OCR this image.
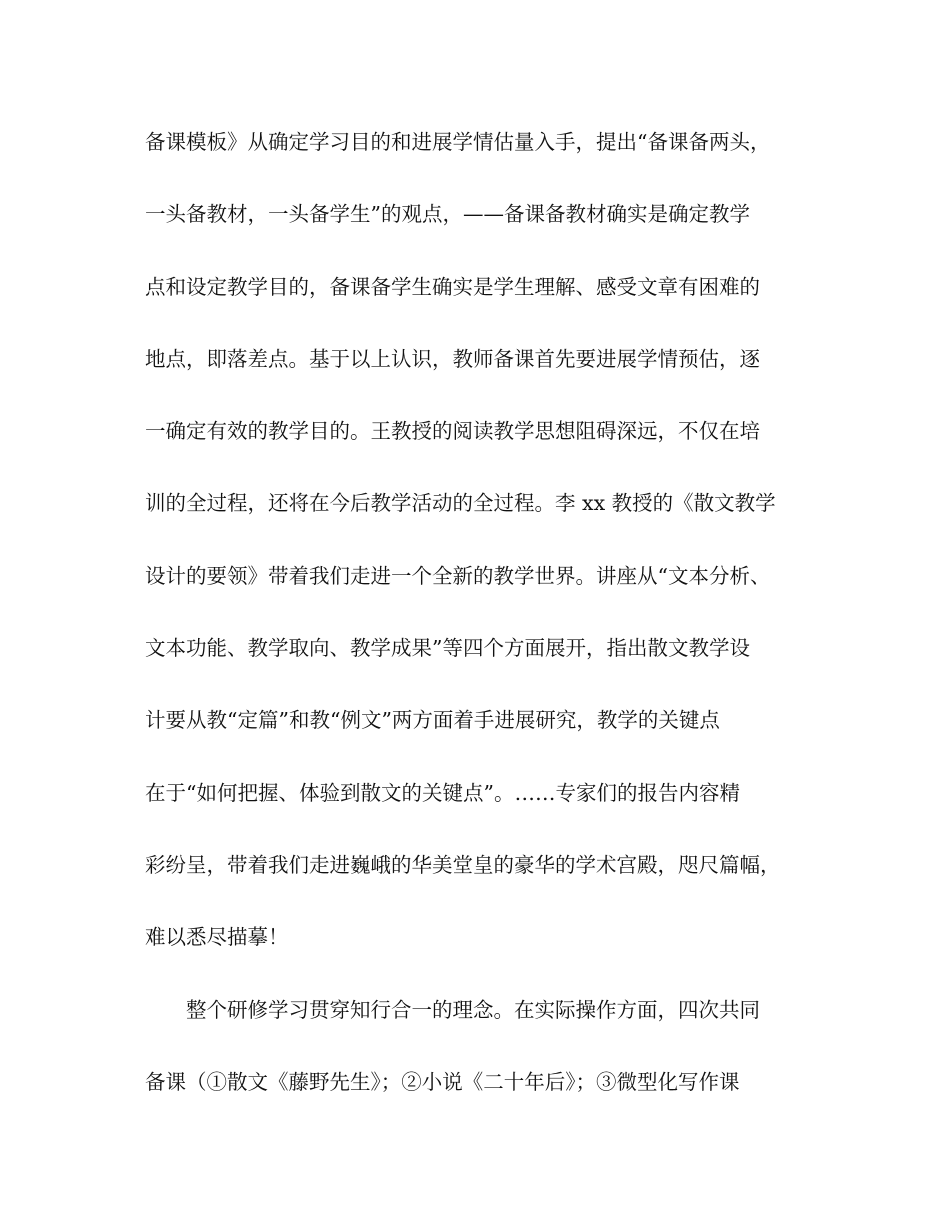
备课模板》从确定学习目的和进展学情估量入手，提出“备课备两头，
一头备教材，一头备学生”的观点，——备课备教材确实是确定教学
点和设定教学目的，备课备学生确实是学生理解、感受文章有困难的
地点，即落差点。基于以上认识，教师备课首先要进展学情预估，逐
一确定有效的教学目的。王教授的阅读教学思想阻碍深远，不仅在培
训的全过程，还将在今后教学活动的全过程。李 xx 教授的《散文教学
设计的要领》带着我们走进一个全新的教学世界。讲座从“文本分析、
文本功能、教学取向、教学成果”等四个方面展开，指出散文教学设
计要从教“定篇”和教“例文”两方面着手进展研究，教学的关键点
在于“如何把握、体验到散文的关键点”。……专家们的报告内容精
彩纷呈，带着我们走进巍峨的华美堂皇的豪华的学术宫殿，咫尺篇幅，
难以悉尽描摹！
整个研修学习贯穿知行合一的理念。在实际操作方面，四次共同
备课（①散文《藤野先生》；②小说《二十年后》；③微型化写作课
